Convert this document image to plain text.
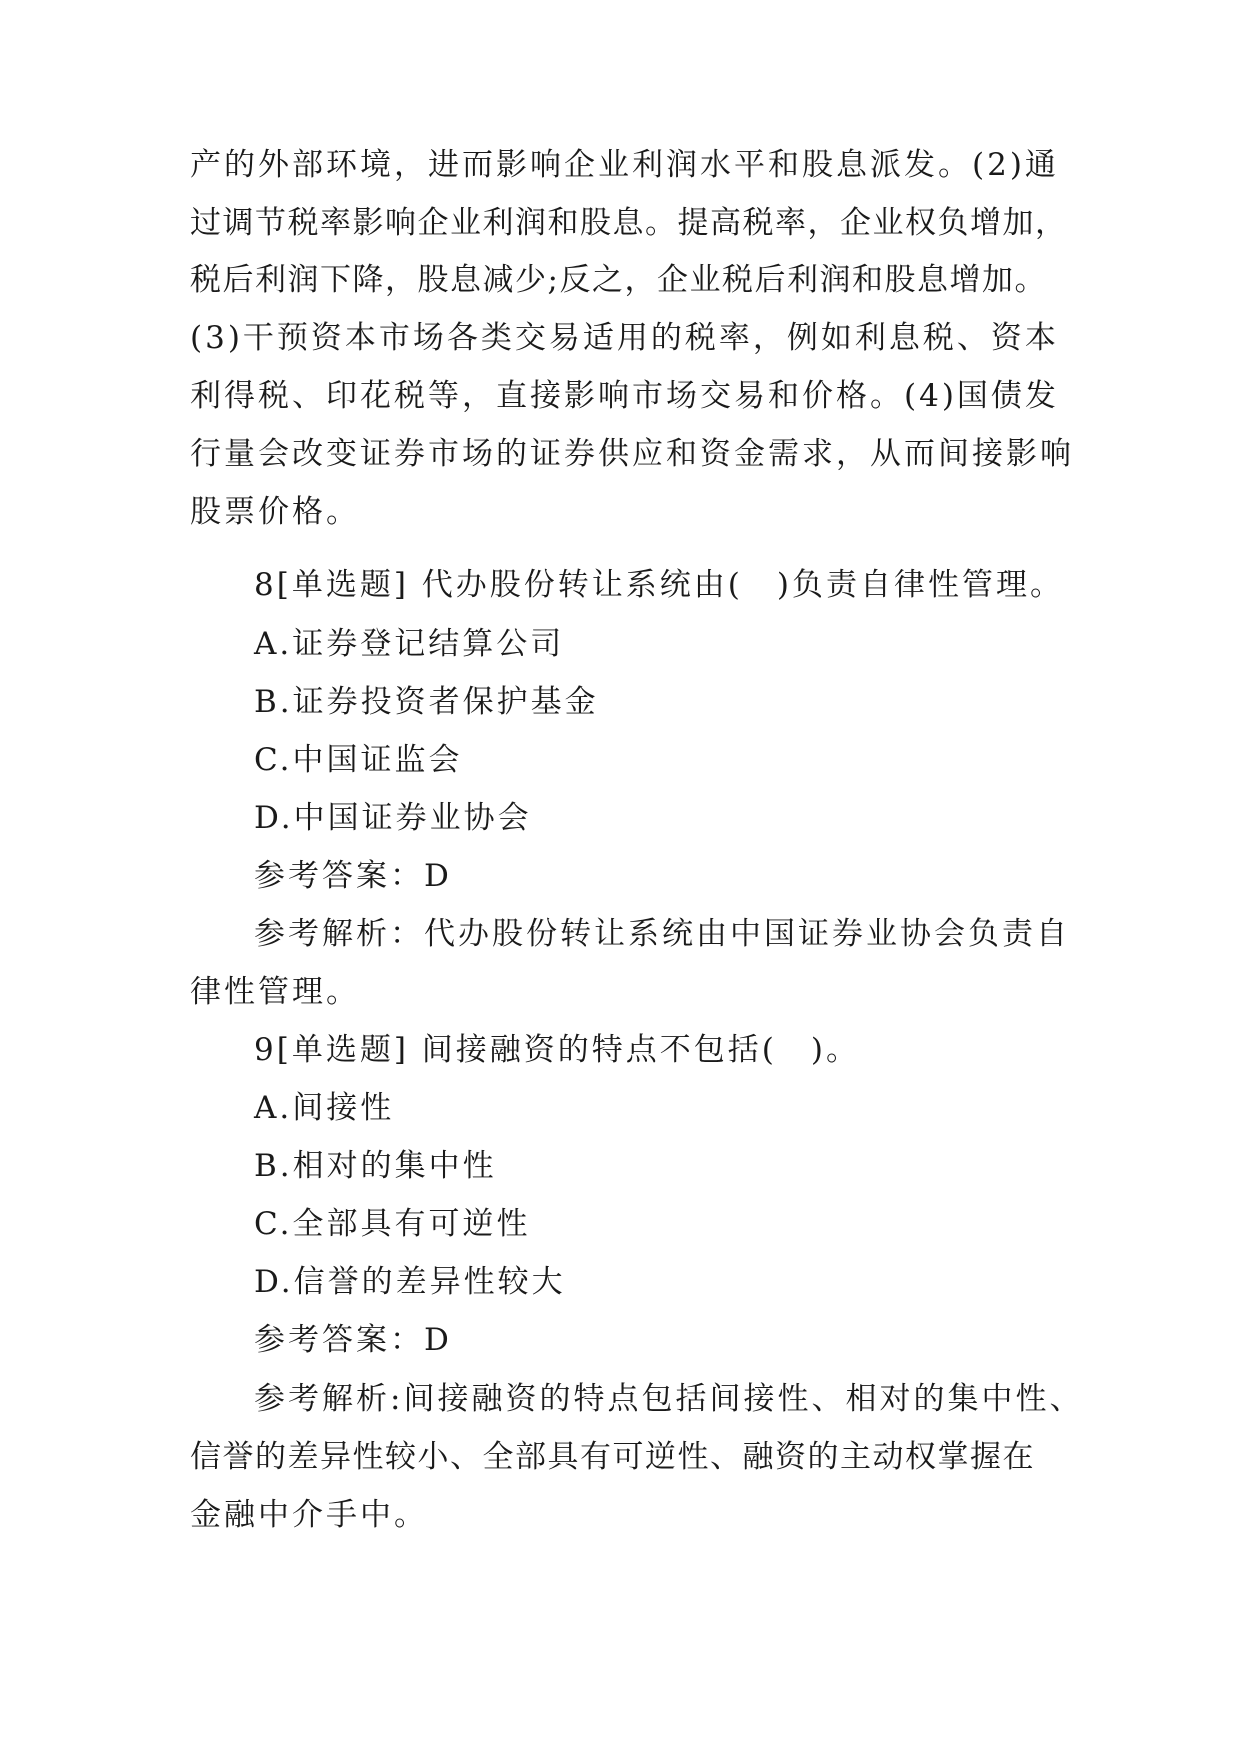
产的外部环境，进而影响企业利润水平和股息派发。(2)通
过调节税率影响企业利润和股息。提高税率，企业权负增加，
税后利润下降，股息减少;反之，企业税后利润和股息增加。
(3)干预资本市场各类交易适用的税率，例如利息税、资本
利得税、印花税等，直接影响市场交易和价格。(4)国债发
行量会改变证券市场的证券供应和资金需求，从而间接影响
股票价格。
8[单选题] 代办股份转让系统由(　)负责自律性管理。
A.证券登记结算公司
B.证券投资者保护基金
C.中国证监会
D.中国证券业协会
参考答案：D
参考解析：代办股份转让系统由中国证券业协会负责自
律性管理。
9[单选题] 间接融资的特点不包括(　)。
A.间接性
B.相对的集中性
C.全部具有可逆性
D.信誉的差异性较大
参考答案：D
参考解析:间接融资的特点包括间接性、相对的集中性、
信誉的差异性较小、全部具有可逆性、融资的主动权掌握在
金融中介手中。
